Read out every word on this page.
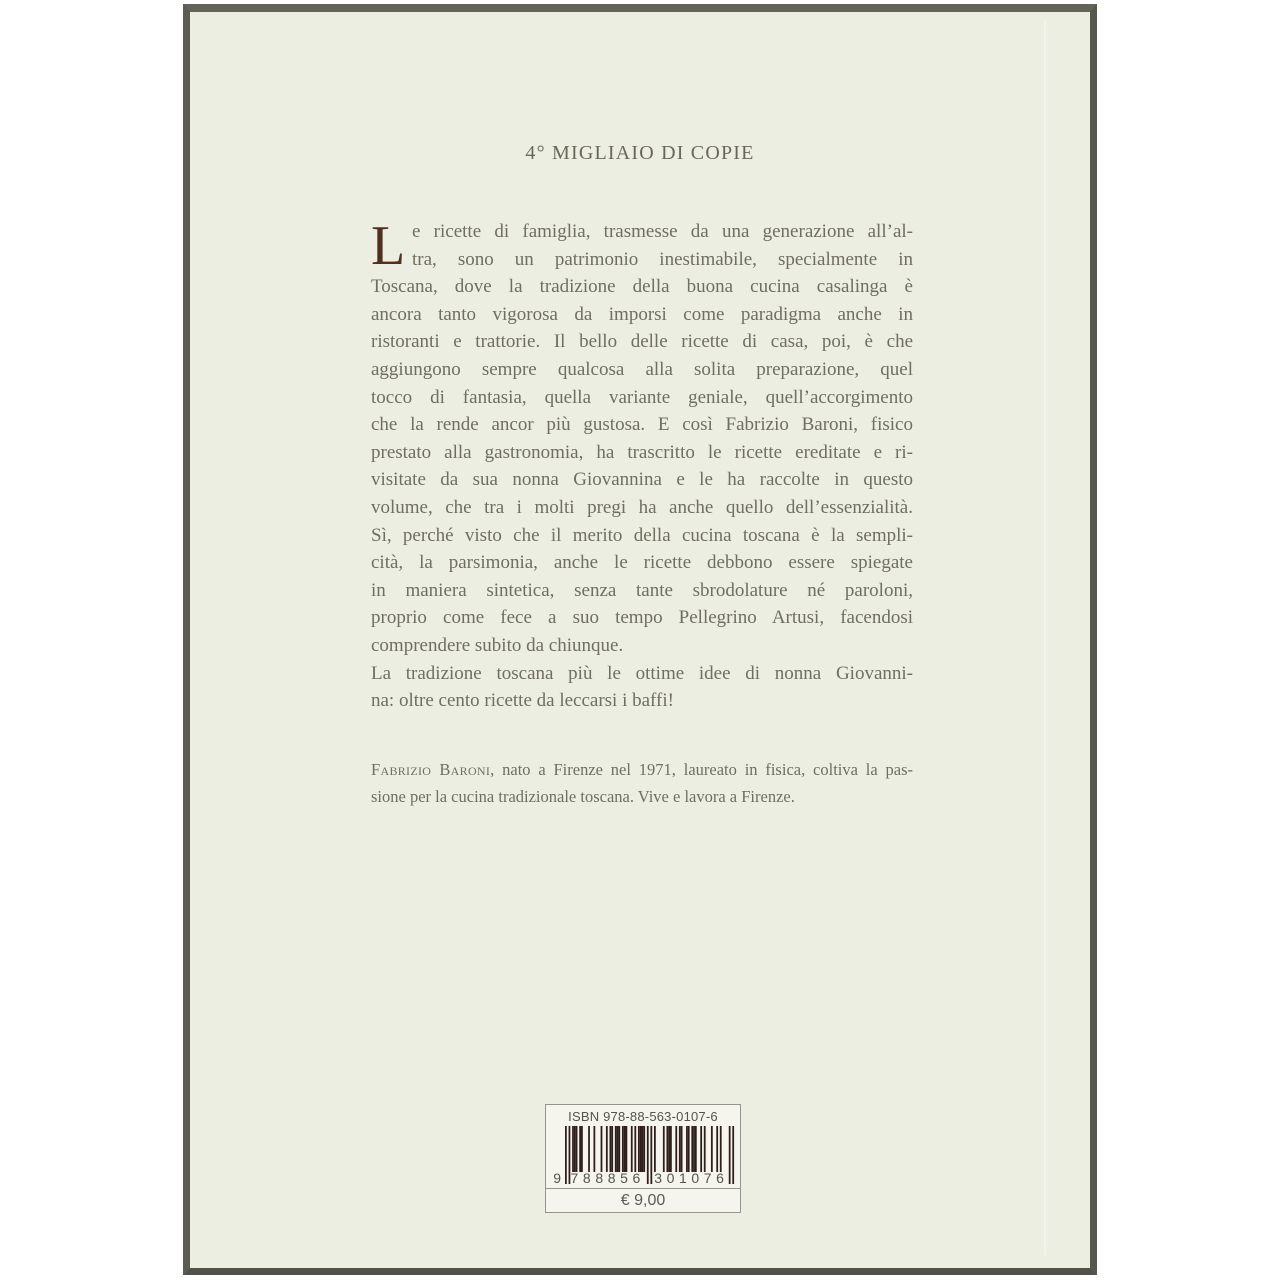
4° MIGLIAIO DI COPIE
L e ricette di famiglia, trasmesse da una generazione all’al-
tra, sono un patrimonio inestimabile, specialmente in
Toscana, dove la tradizione della buona cucina casalinga è
ancora tanto vigorosa da imporsi come paradigma anche in
ristoranti e trattorie. Il bello delle ricette di casa, poi, è che
aggiungono sempre qualcosa alla solita preparazione, quel
tocco di fantasia, quella variante geniale, quell’accorgimento
che la rende ancor più gustosa. E così Fabrizio Baroni, fisico
prestato alla gastronomia, ha trascritto le ricette ereditate e ri-
visitate da sua nonna Giovannina e le ha raccolte in questo
volume, che tra i molti pregi ha anche quello dell’essenzialità.
Sì, perché visto che il merito della cucina toscana è la sempli-
cità, la parsimonia, anche le ricette debbono essere spiegate
in maniera sintetica, senza tante sbrodolature né paroloni,
proprio come fece a suo tempo Pellegrino Artusi, facendosi
comprendere subito da chiunque.
La tradizione toscana più le ottime idee di nonna Giovanni-
na: oltre cento ricette da leccarsi i baffi!
Fabrizio Baroni, nato a Firenze nel 1971, laureato in fisica, coltiva la pas-
sione per la cucina tradizionale toscana. Vive e lavora a Firenze.
ISBN 978-88-563-0107-6
9 788856 301076
€ 9,00
